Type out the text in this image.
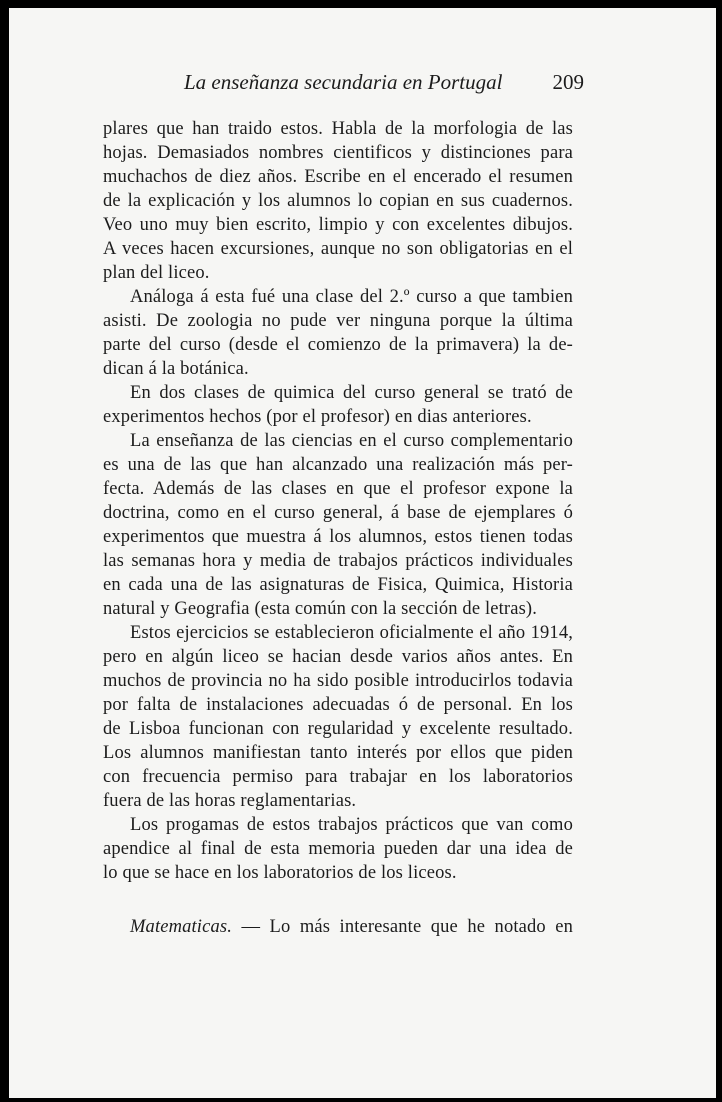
La enseñanza secundaria en Portugal 209
plares que han traido estos. Habla de la morfologia de las
hojas. Demasiados nombres cientificos y distinciones para
muchachos de diez años. Escribe en el encerado el resumen
de la explicación y los alumnos lo copian en sus cuadernos.
Veo uno muy bien escrito, limpio y con excelentes dibujos.
A veces hacen excursiones, aunque no son obligatorias en el
plan del liceo.
Análoga á esta fué una clase del 2.º curso a que tambien
asisti. De zoologia no pude ver ninguna porque la última
parte del curso (desde el comienzo de la primavera) la de-
dican á la botánica.
En dos clases de quimica del curso general se trató de
experimentos hechos (por el profesor) en dias anteriores.
La enseñanza de las ciencias en el curso complementario
es una de las que han alcanzado una realización más per-
fecta. Además de las clases en que el profesor expone la
doctrina, como en el curso general, á base de ejemplares ó
experimentos que muestra á los alumnos, estos tienen todas
las semanas hora y media de trabajos prácticos individuales
en cada una de las asignaturas de Fisica, Quimica, Historia
natural y Geografia (esta común con la sección de letras).
Estos ejercicios se establecieron oficialmente el año 1914,
pero en algún liceo se hacian desde varios años antes. En
muchos de provincia no ha sido posible introducirlos todavia
por falta de instalaciones adecuadas ó de personal. En los
de Lisboa funcionan con regularidad y excelente resultado.
Los alumnos manifiestan tanto interés por ellos que piden
con frecuencia permiso para trabajar en los laboratorios
fuera de las horas reglamentarias.
Los progamas de estos trabajos prácticos que van como
apendice al final de esta memoria pueden dar una idea de
lo que se hace en los laboratorios de los liceos.
Matematicas. — Lo más interesante que he notado en
